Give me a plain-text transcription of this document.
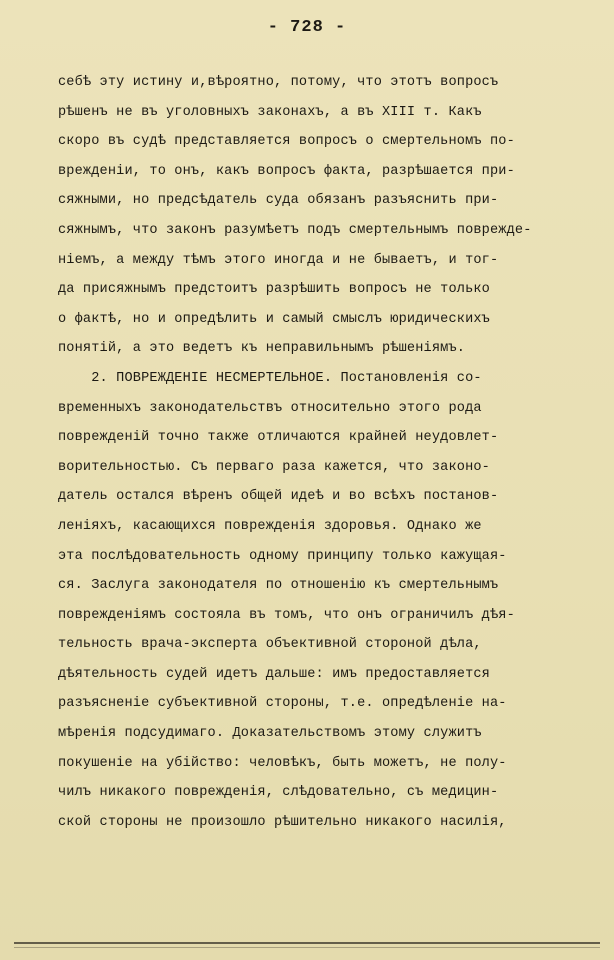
- 728 -
себѣ эту истину и,вѣроятно, потому, что этотъ вопросъ
рѣшенъ не въ уголовныхъ законахъ, а въ XIII т. Какъ
скоро въ судѣ представляется вопросъ о смертельномъ по-
врежденiи, то онъ, какъ вопросъ факта, разрѣшается при-
сяжными, но предсѣдатель суда обязанъ разъяснить при-
сяжнымъ, что законъ разумѣетъ подъ смертельнымъ поврежде-
нiемъ, а между тѣмъ этого иногда и не бываетъ, и тог-
да присяжнымъ предстоитъ разрѣшить вопросъ не только
о фактѣ, но и опредѣлить и самый смыслъ юридическихъ
понятiй, а это ведетъ къ неправильнымъ рѣшенiямъ.
2. ПОВРЕЖДЕНIЕ НЕСМЕРТЕЛЬНОЕ. Постановленiя со-
временныхъ законодательствъ относительно этого рода
поврежденiй точно также отличаются крайней неудовлет-
ворительностью. Съ перваго раза кажется, что законо-
датель остался вѣренъ общей идеѣ и во всѣхъ постанов-
ленiяхъ, касающихся поврежденiя здоровья. Однако же
эта послѣдовательность одному принципу только кажущая-
ся. Заслуга законодателя по отношенiю къ смертельнымъ
поврежденiямъ состояла въ томъ, что онъ ограничилъ дѣя-
тельность врача-эксперта объективной стороной дѣла,
дѣятельность судей идетъ дальше: имъ предоставляется
разъясненiе субъективной стороны, т.е. опредѣленiе на-
мѣренiя подсудимаго. Доказательствомъ этому служитъ
покушенiе на убiйство: человѣкъ, быть можетъ, не полу-
чилъ никакого поврежденiя, слѣдовательно, съ медицин-
ской стороны не произошло рѣшительно никакого насилiя,
